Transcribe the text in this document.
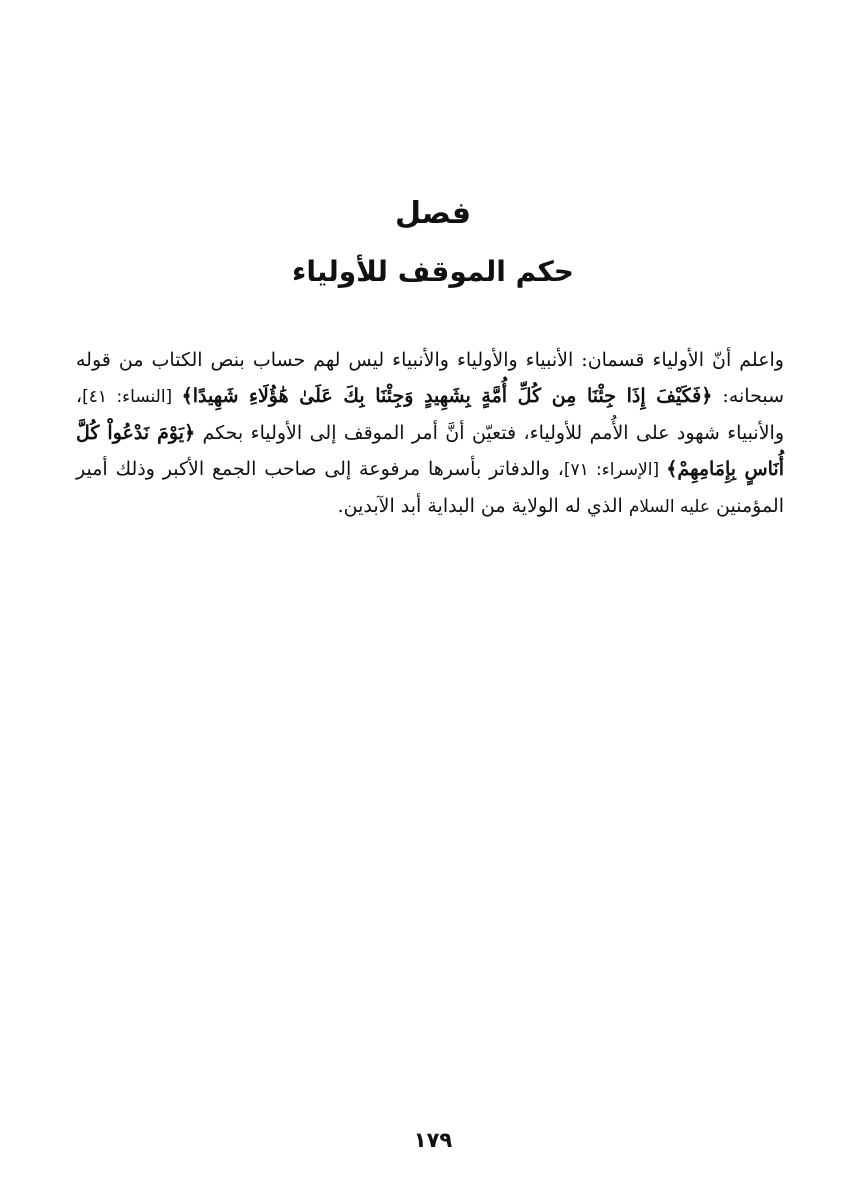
فصل
حكم الموقف للأولياء

واعلم أنّ الأولياء قسمان: الأنبياء والأولياء والأنبياء ليس لهم حساب بنص الكتاب من قوله سبحانه: ﴿فَكَيْفَ إِذَا جِئْنَا مِن كُلِّ أُمَّةٍ بِشَهِيدٍ وَجِئْنَا بِكَ عَلَىٰ هَٰؤُلَاءِ شَهِيدًا﴾ [النساء: ٤١]، والأنبياء شهود على الأُمم للأولياء، فتعيّن أنَّ أمر الموقف إلى الأولياء بحكم ﴿يَوْمَ نَدْعُواْ كُلَّ أُنَاسٍ بِإِمَامِهِمْ﴾ [الإسراء: ٧١]، والدفاتر بأسرها مرفوعة إلى صاحب الجمع الأكبر وذلك أمير المؤمنين عليه السلام الذي له الولاية من البداية أبد الآبدين.

١٧٩
